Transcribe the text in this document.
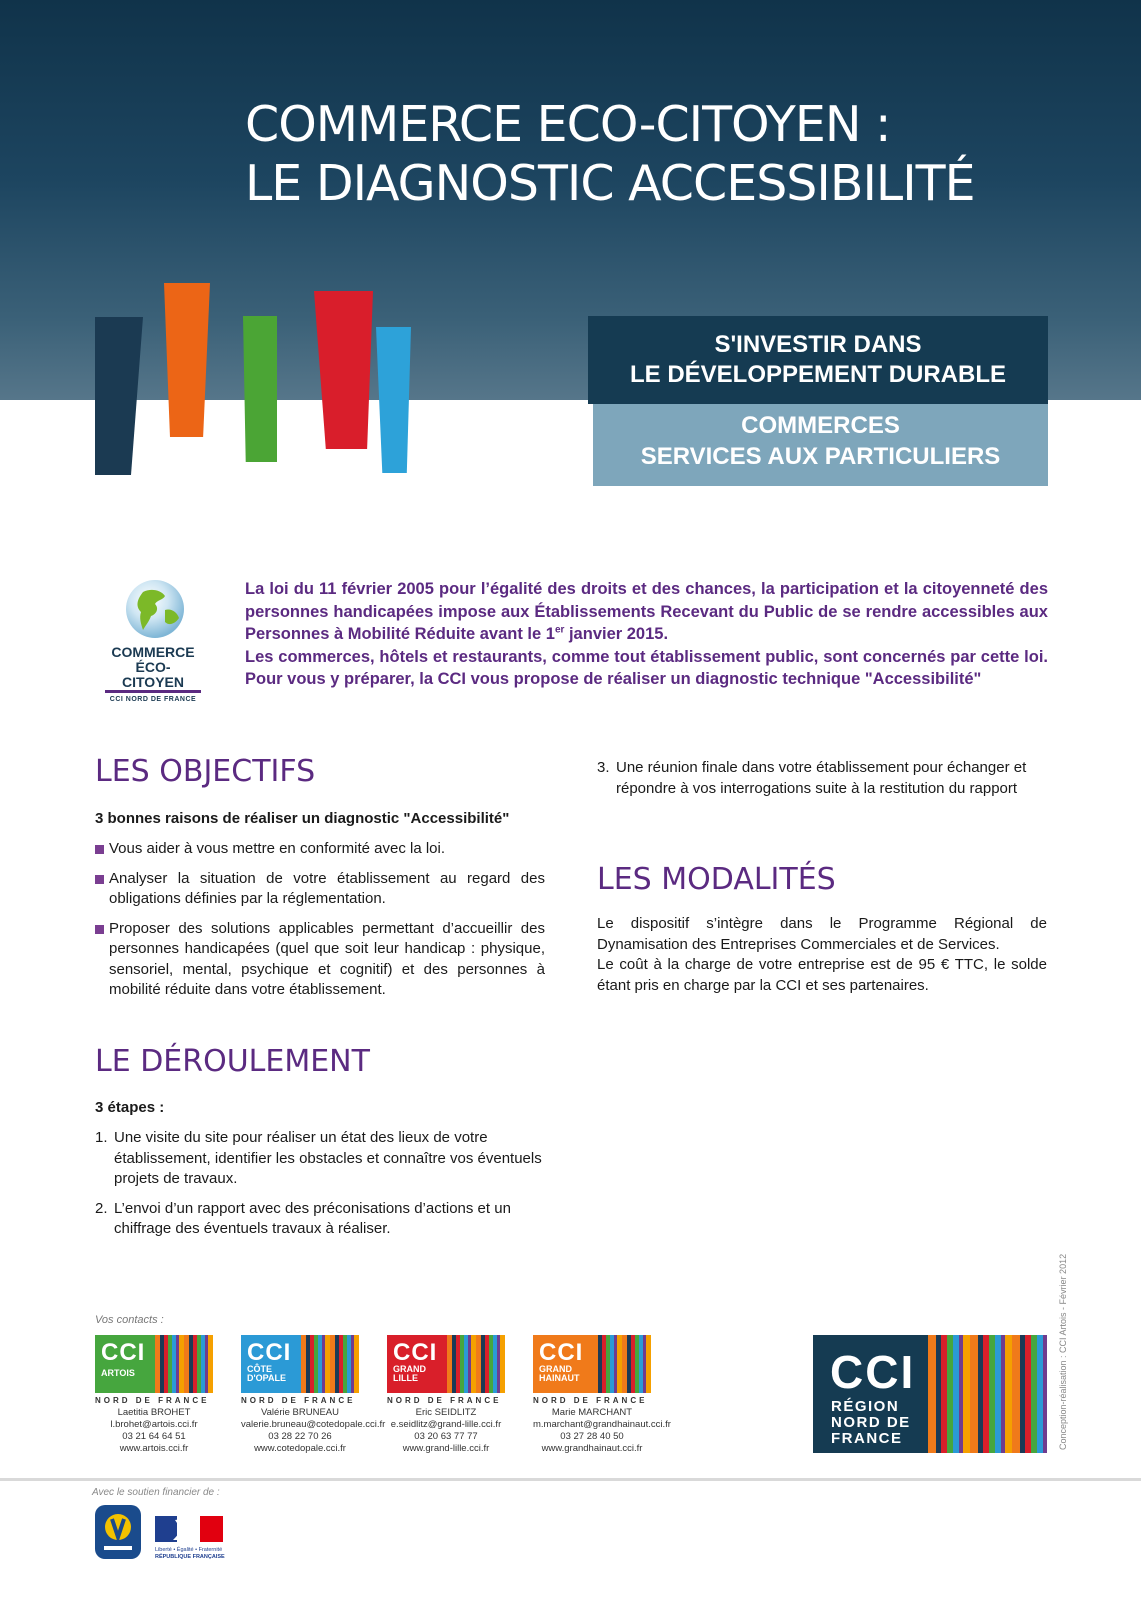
COMMERCE ECO-CITOYEN :
LE DIAGNOSTIC ACCESSIBILITÉ
S'INVESTIR DANS
LE DÉVELOPPEMENT DURABLE
COMMERCES
SERVICES AUX PARTICULIERS
COMMERCE
ÉCO-CITOYEN
CCI NORD DE FRANCE

La loi du 11 février 2005 pour l’égalité des droits et des chances, la participation et la citoyenneté des personnes handicapées impose aux Établissements Recevant du Public de se rendre accessibles aux Personnes à Mobilité Réduite avant le 1er janvier 2015.
Les commerces, hôtels et restaurants, comme tout établissement public, sont concernés par cette loi. Pour vous y préparer, la CCI vous propose de réaliser un diagnostic technique "Accessibilité"

LES OBJECTIFS

3 bonnes raisons de réaliser un diagnostic "Accessibilité"

Vous aider à vous mettre en conformité avec la loi.
Analyser la situation de votre établissement au regard des obligations définies par la réglementation.
Proposer des solutions applicables permettant d’accueillir des personnes handicapées (quel que soit leur handicap : physique, sensoriel, mental, psychique et cognitif) et des personnes à mobilité réduite dans votre établissement.
LE DÉROULEMENT

3 étapes :

1. Une visite du site pour réaliser un état des lieux de votre établissement, identifier les obstacles et connaître vos éventuels projets de travaux.
2. L’envoi d’un rapport avec des préconisations d’actions et un chiffrage des éventuels travaux à réaliser.
3. Une réunion finale dans votre établissement pour échanger et répondre à vos interrogations suite à la restitution du rapport
LES MODALITÉS

Le dispositif s’intègre dans le Programme Régional de Dynamisation des Entreprises Commerciales et de Services.

Le coût à la charge de votre entreprise est de 95 € TTC, le solde étant pris en charge par la CCI et ses partenaires.

Vos contacts :

CCI
ARTOIS
NORD DE FRANCE
Laetitia BROHET
l.brohet@artois.cci.fr
03 21 64 64 51
www.artois.cci.fr
CCI
CÔTE
D'OPALE
NORD DE FRANCE
Valérie BRUNEAU
valerie.bruneau@cotedopale.cci.fr
03 28 22 70 26
www.cotedopale.cci.fr
CCI
GRAND
LILLE
NORD DE FRANCE
Eric SEIDLITZ
e.seidlitz@grand-lille.cci.fr
03 20 63 77 77
www.grand-lille.cci.fr
CCI
GRAND
HAINAUT
NORD DE FRANCE
Marie MARCHANT
m.marchant@grandhainaut.cci.fr
03 27 28 40 50
www.grandhainaut.cci.fr
CCI
RÉGION
NORD DE
FRANCE	Conception-réalisation : CCI Artois - Février 2012

Avec le soutien financier de :

Liberté • Égalité • Fraternité
RÉPUBLIQUE FRANÇAISE
